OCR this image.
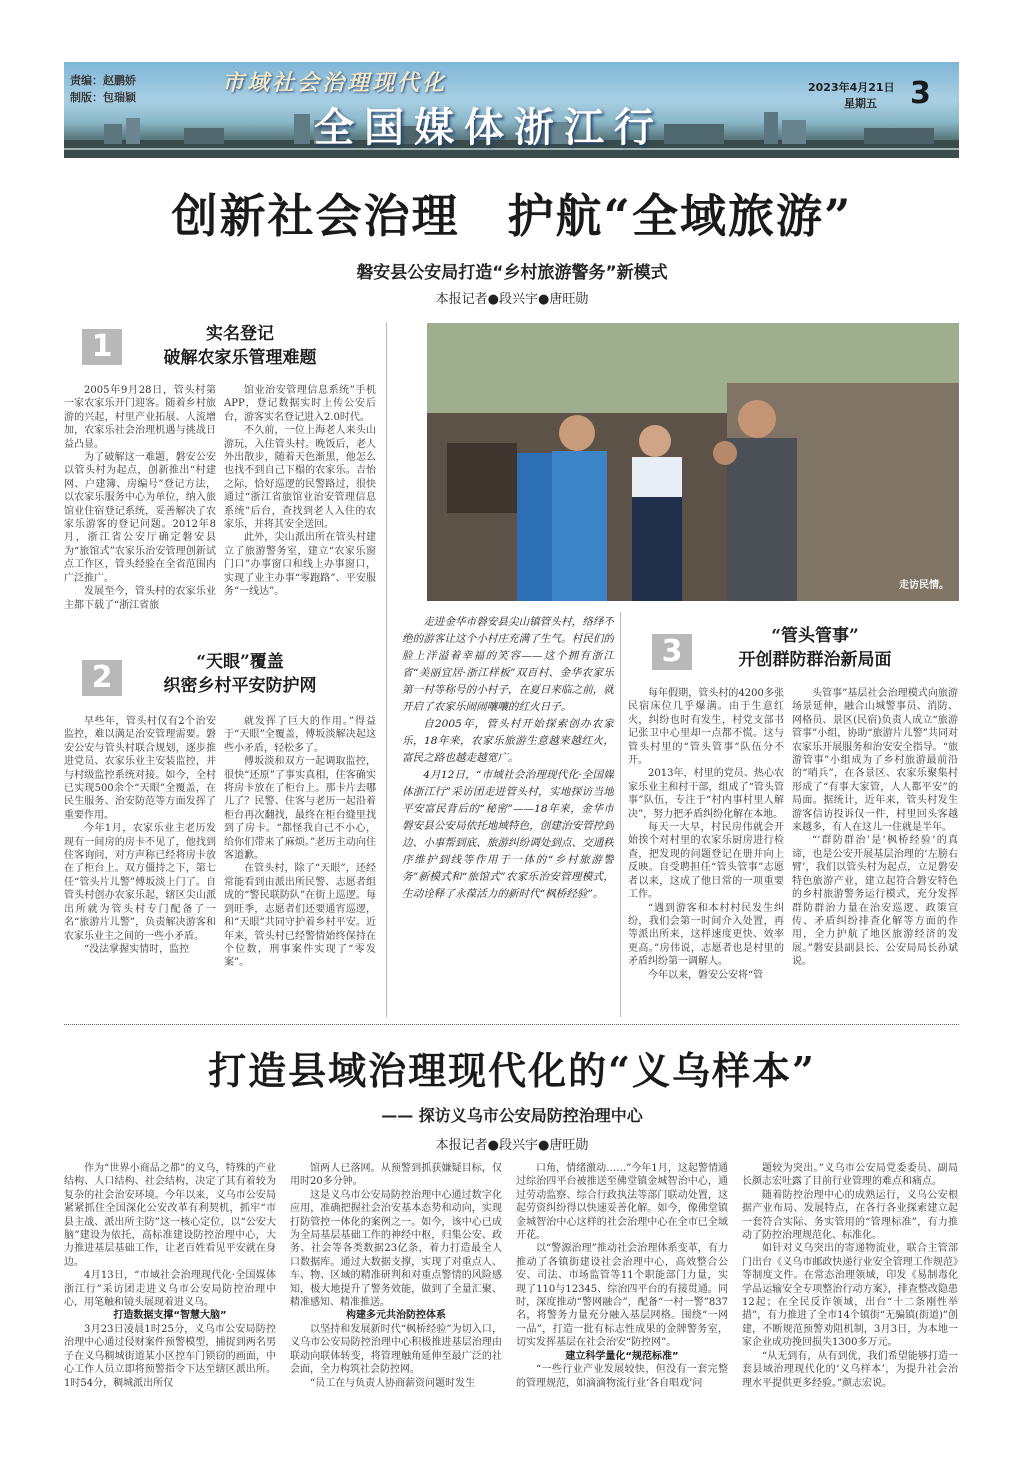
责编：赵鹏娇
制版：包瑞颖
市域社会治理现代化
全国媒体浙江行
2023年4月21日
星期五 3
创新社会治理　护航“全域旅游”
磐安县公安局打造“乡村旅游警务”新模式
本报记者●段兴宇●唐旺勋
1	实名登记
破解农家乐管理难题

2005年9月28日，管头村第一家农家乐开门迎客。随着乡村旅游的兴起，村里产业拓展、人流增加，农家乐社会治理机遇与挑战日益凸显。

为了破解这一难题，磐安公安以管头村为起点，创新推出“村建网、户建簿、房编号”登记方法，以农家乐服务中心为单位，纳入旅馆业住宿登记系统，妥善解决了农家乐游客的登记问题。2012年8月，浙江省公安厅确定磐安县为“旅馆式”农家乐治安管理创新试点工作区，管头经验在全省范围内广泛推广。

发展至今，管头村的农家乐业主都下载了“浙江省旅

馆业治安管理信息系统”手机APP，登记数据实时上传公安后台，游客实名登记进入2.0时代。

不久前，一位上海老人来头山游玩，入住管头村。晚饭后，老人外出散步，随着天色渐黑，他怎么也找不到自己下榻的农家乐。吉怡之际，恰好巡逻的民警路过，很快通过“浙江省旅馆业治安管理信息系统”后台，查找到老人入住的农家乐，并将其安全送回。

此外，尖山派出所在管头村建立了旅游警务室，建立“农家乐窗门口”办事窗口和线上办事窗口，实现了业主办事“零跑路”、平安服务“一线达”。

2	“天眼”覆盖
织密乡村平安防护网

早些年，管头村仅有2个治安监控，难以满足治安管理需要。磐安公安与管头村联合规划，逐步推进党员、农家乐业主安装监控，并与村级监控系统对接。如今，全村已实现500余个“天眼”全覆盖，在民生服务、治安防范等方面发挥了重要作用。

今年1月，农家乐业主老历发现有一间房的房卡不见了，他找到住客询问，对方声称已经将房卡放在了柜台上。双方僵持之下，第七任“管头片儿警”傅坂淡上门了。自管头村创办农家乐起，辖区尖山派出所就为管头村专门配备了一名“旅游片儿警”，负责解决游客和农家乐业主之间的一些小矛盾。

“没法掌握实情时，监控

就发挥了巨大的作用。”得益于“天眼”全覆盖，傅坂淡解决起这些小矛盾，轻松多了。

傅坂淡和双方一起调取监控，很快“还原”了事实真相，住客确实将房卡放在了柜台上。那卡片去哪儿了？民警、住客与老历一起沿着柜台再次翻找，最终在柜台缝里找到了房卡。“都怪我自己不小心，给你们带来了麻烦。”老历主动向住客道歉。

在管头村，除了“天眼”，还经常能看到由派出所民警、志愿者组成的“警民联防队”在街上巡逻。每到旺季，志愿者们还要通宵巡逻，和“天眼”共同守护着乡村平安。近年来，管头村已经警情始终保持在个位数，刑事案件实现了“零发案”。

走访民情。

走进金华市磐安县尖山镇管头村，络绎不绝的游客让这个小村庄充满了生气。村民们的脸上洋溢着幸福的笑容——这个拥有浙江省“美丽宜居·浙江样板”双百村、金华农家乐第一村等称号的小村子，在夏日来临之前，就开启了农家乐闹闹嚷嚷的红火日子。

自2005年，管头村开始探索创办农家乐，18年来，农家乐旅游生意越来越红火，富民之路也越走越宽广。

4月12日，“市域社会治理现代化·全国媒体浙江行”采访团走进管头村，实地探访当地平安富民背后的“秘密”——18年来，金华市磐安县公安局依托地域特色，创建治安管控到边、小事帮到底、旅游纠纷调处到点、交通秩序维护到线等作用于一体的“乡村旅游警务”新模式和“旅馆式”农家乐治安管理模式，生动诠释了永葆活力的新时代“枫桥经验”。

3	“管头管事”
开创群防群治新局面

每年假期，管头村的4200多张民宿床位几乎爆满。由于生意红火，纠纷也时有发生，村党支部书记张卫中心里却一点都不慌。这与管头村里的“管头管事”队伍分不开。

2013年，村里的党员、热心农家乐业主和村干部，组成了“管头管事”队伍，专注于“村内事村里人解决”，努力把矛盾纠纷化解在本地。

每天一大早，村民房伟就会开始挨个对村里的农家乐厨房进行检查，把发现的问题登记在册并向上反映。自受聘担任“管头管事”志愿者以来，这成了他日常的一项重要工作。

“遇到游客和本村村民发生纠纷，我们会第一时间介入处置，再等派出所来，这样速度更快、效率更高。”房伟说，志愿者也是村里的矛盾纠纷第一调解人。

今年以来，磐安公安将“管

头管事”基层社会治理模式向旅游场景延伸，融合山城警事员、消防、网格员、景区(民宿)负责人成立“旅游管事”小组，协助“旅游片儿警”共同对农家乐开展服务和治安安全指导。“旅游管事”小组成为了乡村旅游最前沿的“哨兵”，在各景区、农家乐聚集村形成了“有事大家管，人人都平安”的局面。据统计，近年来，管头村发生游客信访投诉仅一件，村里回头客越来越多，有人在这儿一住就是半年。

“‘群防群治’是‘枫桥经验’的真谛，也是公安开展基层治理的‘左膀右臂’，我们以管头村为起点，立足磐安特色旅游产业，建立起符合磐安特色的乡村旅游警务运行模式，充分发挥群防群治力量在治安巡逻、政策宣传、矛盾纠纷排查化解等方面的作用，全力护航了地区旅游经济的发展。”磐安县副县长、公安局局长孙斌说。

打造县域治理现代化的“义乌样本”
—— 探访义乌市公安局防控治理中心
本报记者●段兴宇●唐旺勋

作为“世界小商品之都”的义乌，特殊的产业结构、人口结构、社会结构，决定了其有着较为复杂的社会治安环境。今年以来，义乌市公安局紧紧抓住全国深化公安改革有利契机，抓牢“市县主战、派出所主防”这一核心定位，以“公安大脑”建设为依托，高标准建设防控治理中心，大力推进基层基础工作，让老百姓看见平安就在身边。

4月13日，“市域社会治理现代化·全国媒体浙江行”采访团走进义乌市公安局防控治理中心，用笔触和镜头展现着进义乌。

打造数据支撑“智慧大脑”

3月23日凌晨1时25分，义乌市公安局防控治理中心通过侵财案件预警模型，捕捉到两名男子在义乌稠城街道某小区控车门锁窃的画面，中心工作人员立即将预警指令下达至辖区派出所。1时54分，稠城派出所仅

馆两人已落网。从预警到抓获嫌疑目标，仅用时20多分钟。

这是义乌市公安局防控治理中心通过数字化应用，准确把握社会治安基本态势和动向，实现打防管控一体化的案例之一。如今，该中心已成为全局基层基础工作的神经中枢，归集公安、政务、社会等各类数据23亿条，着力打造最全人口数据库。通过大数据支撑，实现了对重点人、车、物、区域的精准研判和对重点警情的风险感知，极大地提升了警务效能，做到了全量汇聚、精准感知、精准推送。

构建多元共治防控体系

以坚持和发展新时代“枫桥经验”为切入口，义乌市公安局防控治理中心积极推进基层治理由联动向联体转变，将管理触角延伸至最广泛的社会面，全力构筑社会防控网。

“员工在与负责人协商薪资问题时发生

口角，情绪激动……”今年1月，这起警情通过综治四平台被推送至佛堂镇金城智治中心，通过劳动监察、综合行政执法等部门联动处置，这起劳资纠纷得以快速妥善化解。如今，像佛堂镇金城智治中心这样的社会治理中心在全市已全域开花。

以“警源治理”推动社会治理体系变革，有力推动了各镇街建设社会治理中心，高效整合公安、司法、市场监管等11个职能部门力量，实现了110与12345、综治四平台的有接贯通。同时，深度推动“警网融合”，配备“一村一警”837名，将警务力量充分融入基层网格。围绕“一网一品”，打造一批有标志性成果的金牌警务室，切实发挥基层在社会治安“防控网”。

建立科学量化“规范标准”

“一些行业产业发展较快，但没有一套完整的管理规范，如滴滴物流行业‘各自唱戏’问

题较为突出。”义乌市公安局党委委员、副局长颜志宏吐露了目前行业管理的难点和痛点。

随着防控治理中心的成熟运行，义乌公安根据产业布局、发展特点，在各行各业探索建立起一套符合实际、务实管用的“管理标准”，有力推动了防控治理规范化、标准化。

如针对义乌突出的寄递物流业，联合主管部门出台《义乌市邮政快递行业安全管理工作规范》等制度文件。在常态治理领域，印发《易制毒化学品运输安全专项整治行动方案》，排查整改隐患12起；在全民反诈领域，出台“十二条刚性举措”，有力推进了全市14个镇街“无骗镇(街道)”创建，不断规范预警劝阻机制，3月3日，为本地一家企业成功挽回损失1300多万元。

“从无到有，从有到优，我们希望能够打造一套县域治理现代化的‘义乌样本’，为提升社会治理水平提供更多经验。”颜志宏说。
